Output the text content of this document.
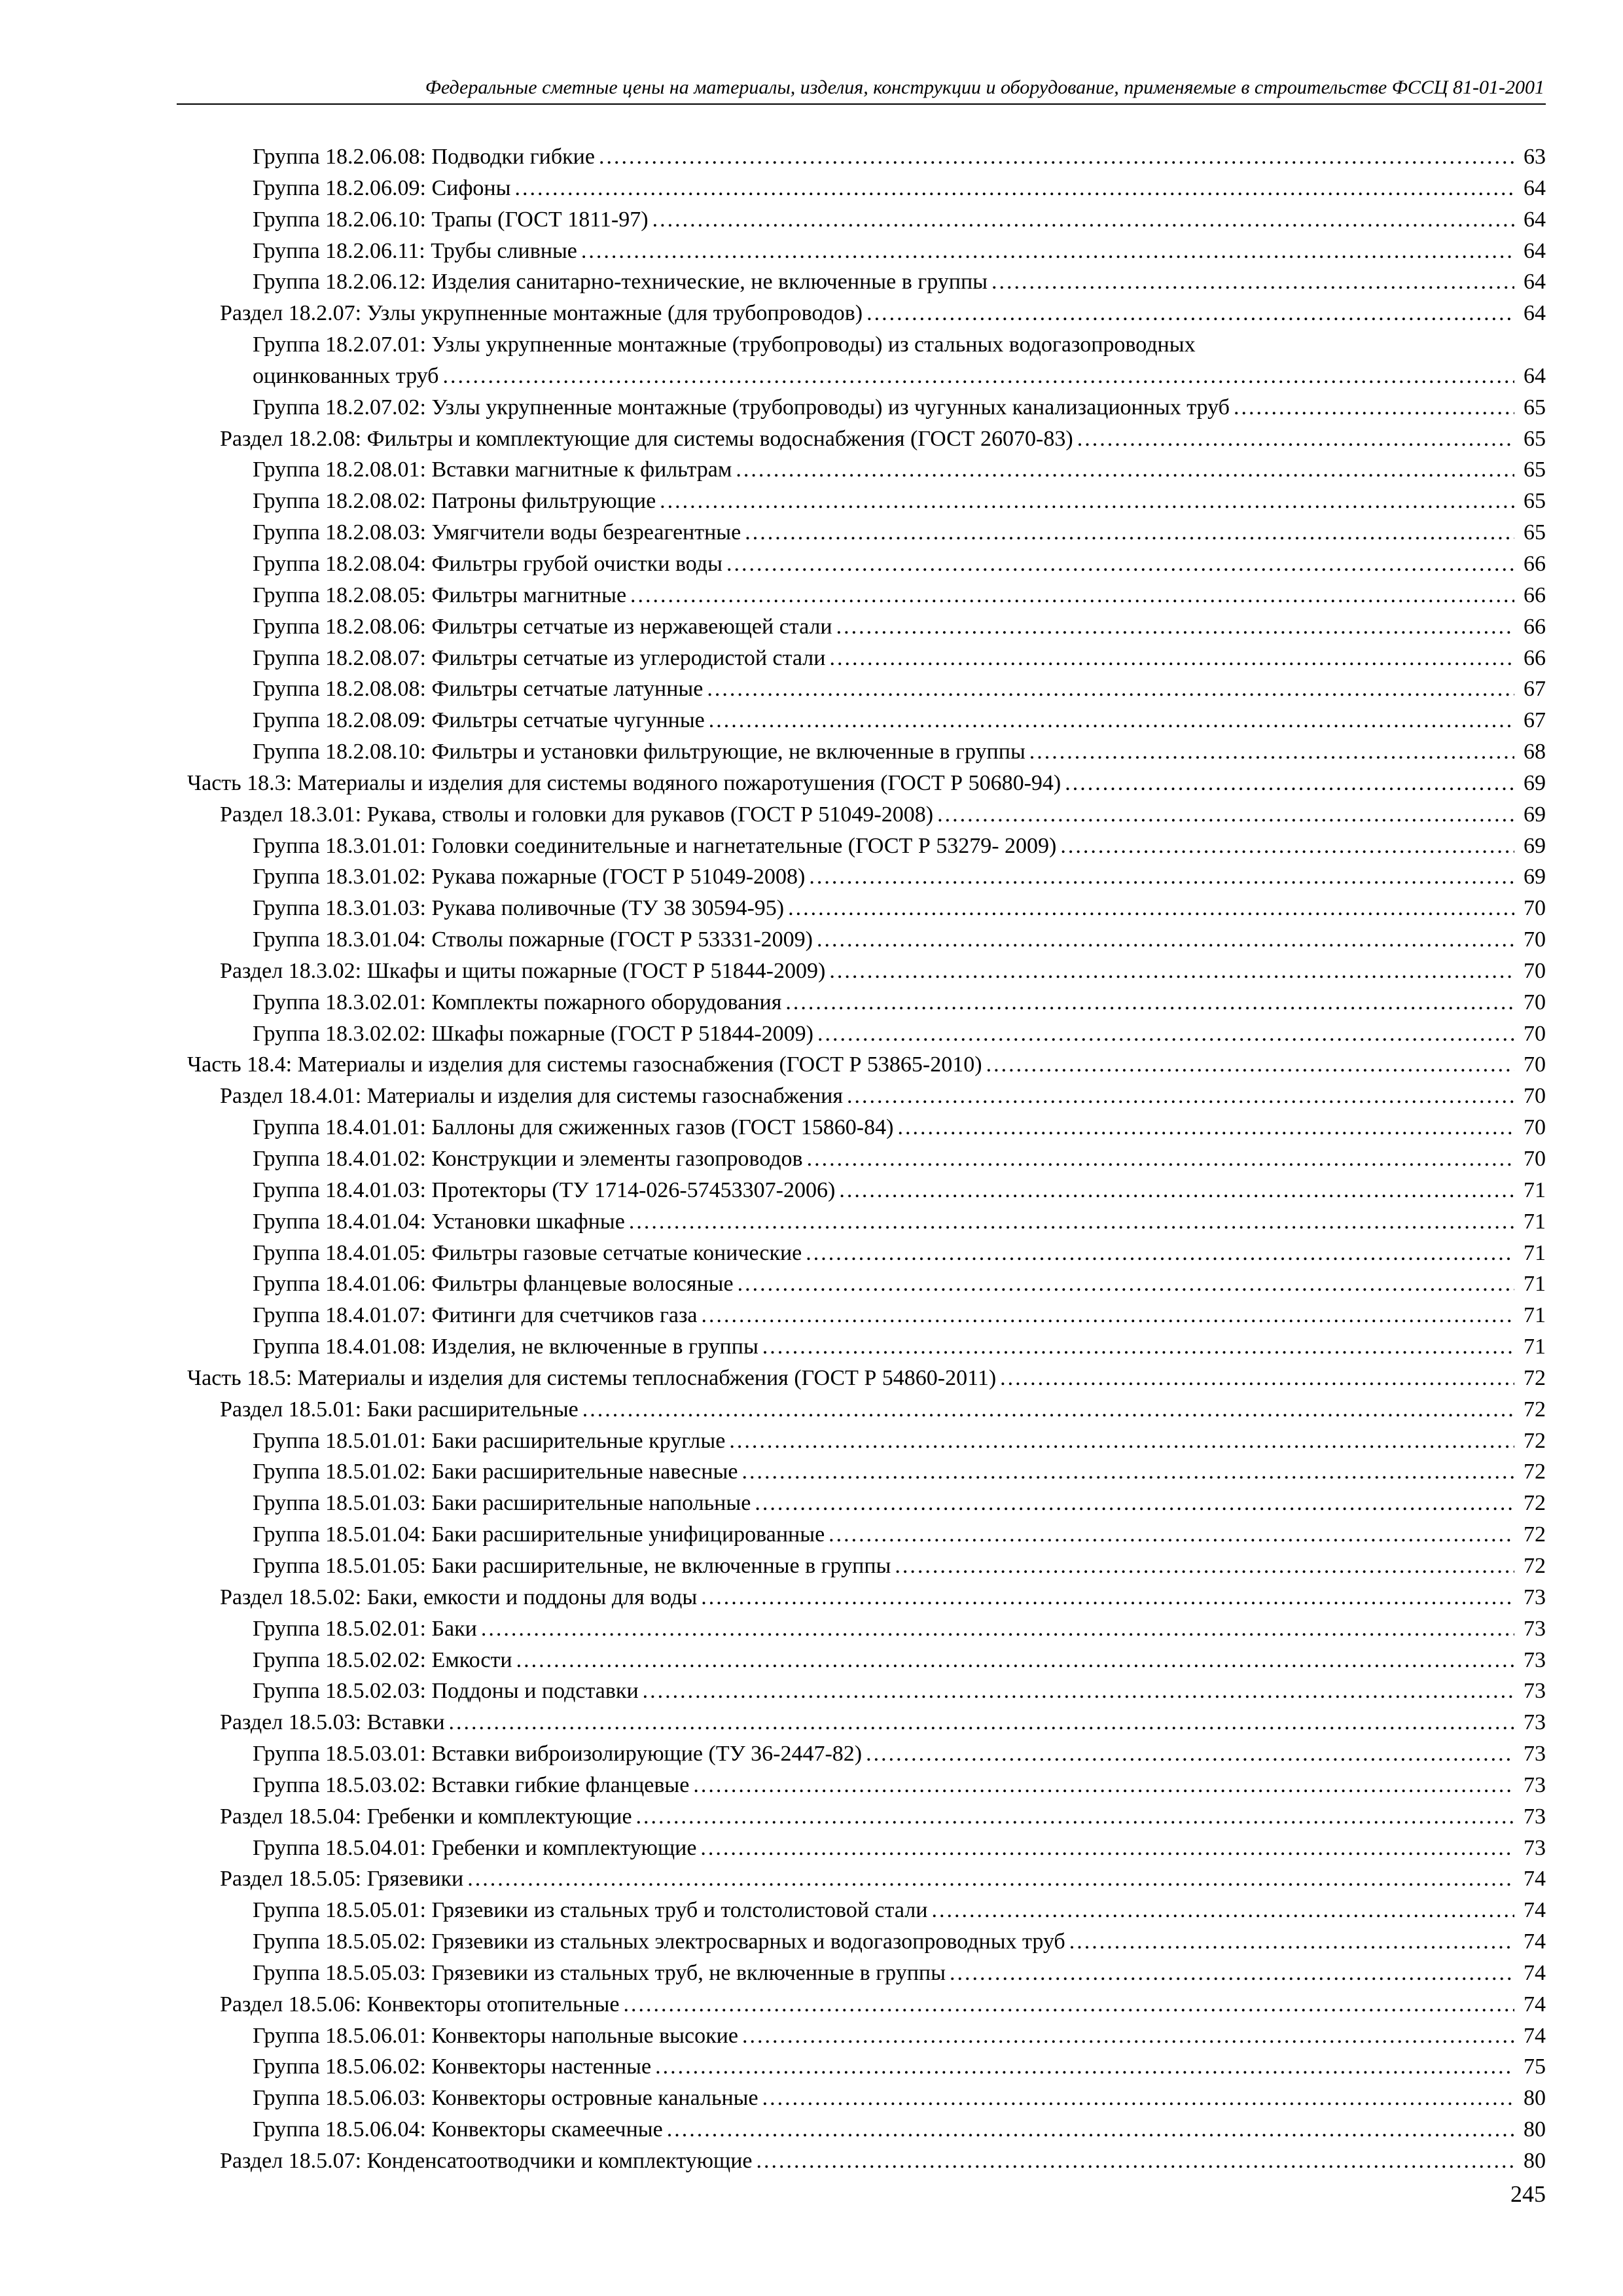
Федеральные сметные цены на материалы, изделия, конструкции и оборудование, применяемые в строительстве ФССЦ 81-01-2001
Группа 18.2.06.08: Подводки гибкие .....	63
Группа 18.2.06.09: Сифоны .....	64
Группа 18.2.06.10: Трапы (ГОСТ 1811-97) .....	64
Группа 18.2.06.11: Трубы сливные .....	64
Группа 18.2.06.12: Изделия санитарно-технические, не включенные в группы .....	64
Раздел 18.2.07: Узлы укрупненные монтажные (для трубопроводов) .....	64
Группа 18.2.07.01: Узлы укрупненные монтажные (трубопроводы) из стальных водогазопроводных
оцинкованных труб .....	64
Группа 18.2.07.02: Узлы укрупненные монтажные (трубопроводы) из чугунных канализационных труб .....	65
Раздел 18.2.08: Фильтры и комплектующие для системы водоснабжения (ГОСТ 26070-83) .....	65
Группа 18.2.08.01: Вставки магнитные к фильтрам .....	65
Группа 18.2.08.02: Патроны фильтрующие .....	65
Группа 18.2.08.03: Умягчители воды безреагентные .....	65
Группа 18.2.08.04: Фильтры грубой очистки воды .....	66
Группа 18.2.08.05: Фильтры магнитные .....	66
Группа 18.2.08.06: Фильтры сетчатые из нержавеющей стали .....	66
Группа 18.2.08.07: Фильтры сетчатые из углеродистой стали .....	66
Группа 18.2.08.08: Фильтры сетчатые латунные .....	67
Группа 18.2.08.09: Фильтры сетчатые чугунные .....	67
Группа 18.2.08.10: Фильтры и установки фильтрующие, не включенные в группы .....	68
Часть 18.3: Материалы и изделия для системы водяного пожаротушения (ГОСТ Р 50680-94) .....	69
Раздел 18.3.01: Рукава, стволы и головки для рукавов (ГОСТ Р 51049-2008) .....	69
Группа 18.3.01.01: Головки соединительные и нагнетательные (ГОСТ Р 53279- 2009) .....	69
Группа 18.3.01.02: Рукава пожарные (ГОСТ Р 51049-2008) .....	69
Группа 18.3.01.03: Рукава поливочные (ТУ 38 30594-95) .....	70
Группа 18.3.01.04: Стволы пожарные (ГОСТ Р 53331-2009) .....	70
Раздел 18.3.02: Шкафы и щиты пожарные (ГОСТ Р 51844-2009) .....	70
Группа 18.3.02.01: Комплекты пожарного оборудования .....	70
Группа 18.3.02.02: Шкафы пожарные (ГОСТ Р 51844-2009) .....	70
Часть 18.4: Материалы и изделия для системы газоснабжения (ГОСТ Р 53865-2010) .....	70
Раздел 18.4.01: Материалы и изделия для системы газоснабжения .....	70
Группа 18.4.01.01: Баллоны для сжиженных газов (ГОСТ 15860-84) .....	70
Группа 18.4.01.02: Конструкции и элементы газопроводов .....	70
Группа 18.4.01.03: Протекторы (ТУ 1714-026-57453307-2006) .....	71
Группа 18.4.01.04: Установки шкафные .....	71
Группа 18.4.01.05: Фильтры газовые сетчатые конические .....	71
Группа 18.4.01.06: Фильтры фланцевые волосяные .....	71
Группа 18.4.01.07: Фитинги для счетчиков газа .....	71
Группа 18.4.01.08: Изделия, не включенные в группы .....	71
Часть 18.5: Материалы и изделия для системы теплоснабжения (ГОСТ Р 54860-2011) .....	72
Раздел 18.5.01: Баки расширительные .....	72
Группа 18.5.01.01: Баки расширительные круглые .....	72
Группа 18.5.01.02: Баки расширительные навесные .....	72
Группа 18.5.01.03: Баки расширительные напольные .....	72
Группа 18.5.01.04: Баки расширительные унифицированные .....	72
Группа 18.5.01.05: Баки расширительные, не включенные в группы .....	72
Раздел 18.5.02: Баки, емкости и поддоны для воды .....	73
Группа 18.5.02.01: Баки .....	73
Группа 18.5.02.02: Емкости .....	73
Группа 18.5.02.03: Поддоны и подставки .....	73
Раздел 18.5.03: Вставки .....	73
Группа 18.5.03.01: Вставки виброизолирующие (ТУ 36-2447-82) .....	73
Группа 18.5.03.02: Вставки гибкие фланцевые .....	73
Раздел 18.5.04: Гребенки и комплектующие .....	73
Группа 18.5.04.01: Гребенки и комплектующие .....	73
Раздел 18.5.05: Грязевики .....	74
Группа 18.5.05.01: Грязевики из стальных труб и толстолистовой стали .....	74
Группа 18.5.05.02: Грязевики из стальных электросварных и водогазопроводных труб .....	74
Группа 18.5.05.03: Грязевики из стальных труб, не включенные в группы .....	74
Раздел 18.5.06: Конвекторы отопительные .....	74
Группа 18.5.06.01: Конвекторы напольные высокие .....	74
Группа 18.5.06.02: Конвекторы настенные .....	75
Группа 18.5.06.03: Конвекторы островные канальные .....	80
Группа 18.5.06.04: Конвекторы скамеечные .....	80
Раздел 18.5.07: Конденсатоотводчики и комплектующие .....	80
245
